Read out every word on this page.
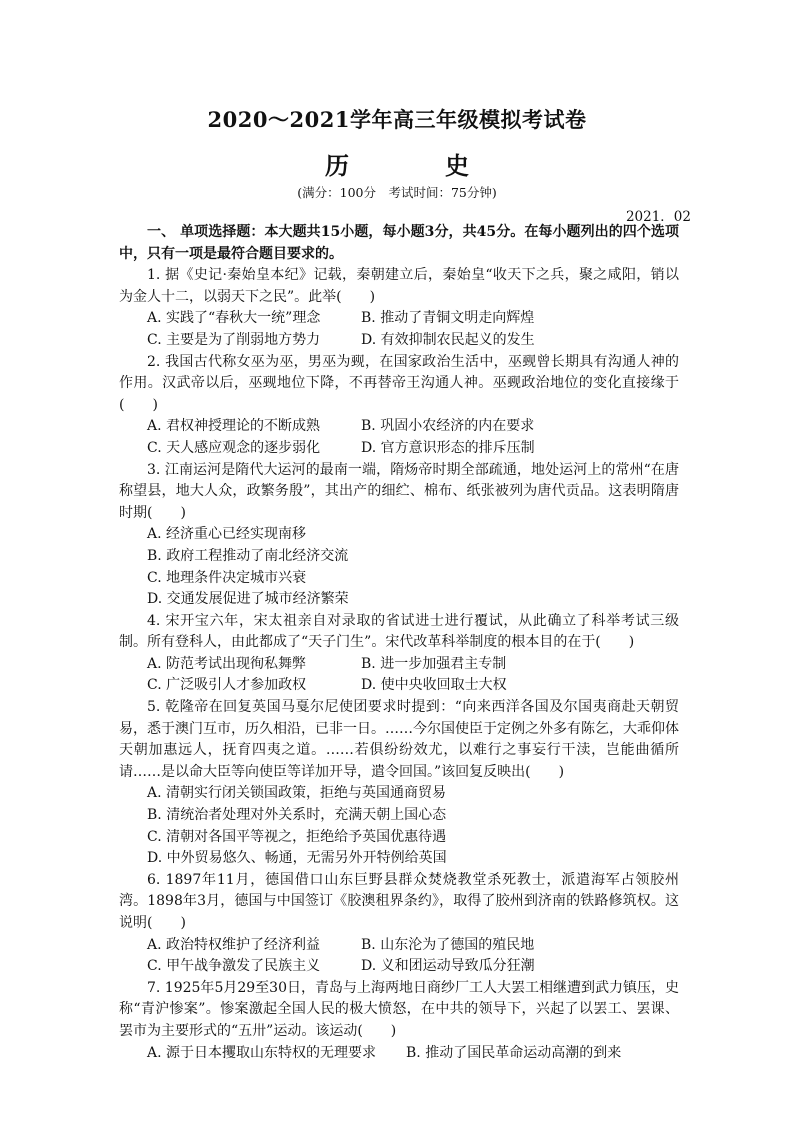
2020～2021学年高三年级模拟考试卷
历　史
(满分：100分　考试时间：75分钟)
2021．02

一、 单项选择题：本大题共15小题，每小题3分，共45分。在每小题列出的四个选项中，只有一项是最符合题目要求的。

1. 据《史记·秦始皇本纪》记载，秦朝建立后，秦始皇“收天下之兵，聚之咸阳，销以为金人十二，以弱天下之民”。此举(　　)

A. 实践了“春秋大一统”理念	B. 推动了青铜文明走向辉煌
C. 主要是为了削弱地方势力	D. 有效抑制农民起义的发生

2. 我国古代称女巫为巫，男巫为觋，在国家政治生活中，巫觋曾长期具有沟通人神的作用。汉武帝以后，巫觋地位下降，不再替帝王沟通人神。巫觋政治地位的变化直接缘于(　　)

A. 君权神授理论的不断成熟	B. 巩固小农经济的内在要求
C. 天人感应观念的逐步弱化	D. 官方意识形态的排斥压制

3. 江南运河是隋代大运河的最南一端，隋炀帝时期全部疏通，地处运河上的常州“在唐称望县，地大人众，政繁务殷”，其出产的细纻、棉布、纸张被列为唐代贡品。这表明隋唐时期(　　)

A. 经济重心已经实现南移

B. 政府工程推动了南北经济交流

C. 地理条件决定城市兴衰

D. 交通发展促进了城市经济繁荣

4. 宋开宝六年，宋太祖亲自对录取的省试进士进行覆试，从此确立了科举考试三级制。所有登科人，由此都成了“天子门生”。宋代改革科举制度的根本目的在于(　　)

A. 防范考试出现徇私舞弊	B. 进一步加强君主专制
C. 广泛吸引人才参加政权	D. 使中央收回取士大权

5. 乾隆帝在回复英国马戛尔尼使团要求时提到：“向来西洋各国及尔国夷商赴天朝贸易，悉于澳门互市，历久相沿，已非一日。……今尔国使臣于定例之外多有陈乞，大乖仰体天朝加惠远人，抚育四夷之道。……若俱纷纷效尤，以难行之事妄行干渎，岂能曲循所请……是以命大臣等向使臣等详加开导，遣令回国。”该回复反映出(　　)

A. 清朝实行闭关锁国政策，拒绝与英国通商贸易

B. 清统治者处理对外关系时，充满天朝上国心态

C. 清朝对各国平等视之，拒绝给予英国优惠待遇

D. 中外贸易悠久、畅通，无需另外开特例给英国

6. 1897年11月，德国借口山东巨野县群众焚烧教堂杀死教士，派遣海军占领胶州湾。1898年3月，德国与中国签订《胶澳租界条约》，取得了胶州到济南的铁路修筑权。这说明(　　)

A. 政治特权维护了经济利益	B. 山东沦为了德国的殖民地
C. 甲午战争激发了民族主义	D. 义和团运动导致瓜分狂潮

7. 1925年5月29至30日，青岛与上海两地日商纱厂工人大罢工相继遭到武力镇压，史称“青沪惨案”。惨案激起全国人民的极大愤怒，在中共的领导下，兴起了以罢工、罢课、罢市为主要形式的“五卅”运动。该运动(　　)

A. 源于日本攫取山东特权的无理要求	B. 推动了国民革命运动高潮的到来
